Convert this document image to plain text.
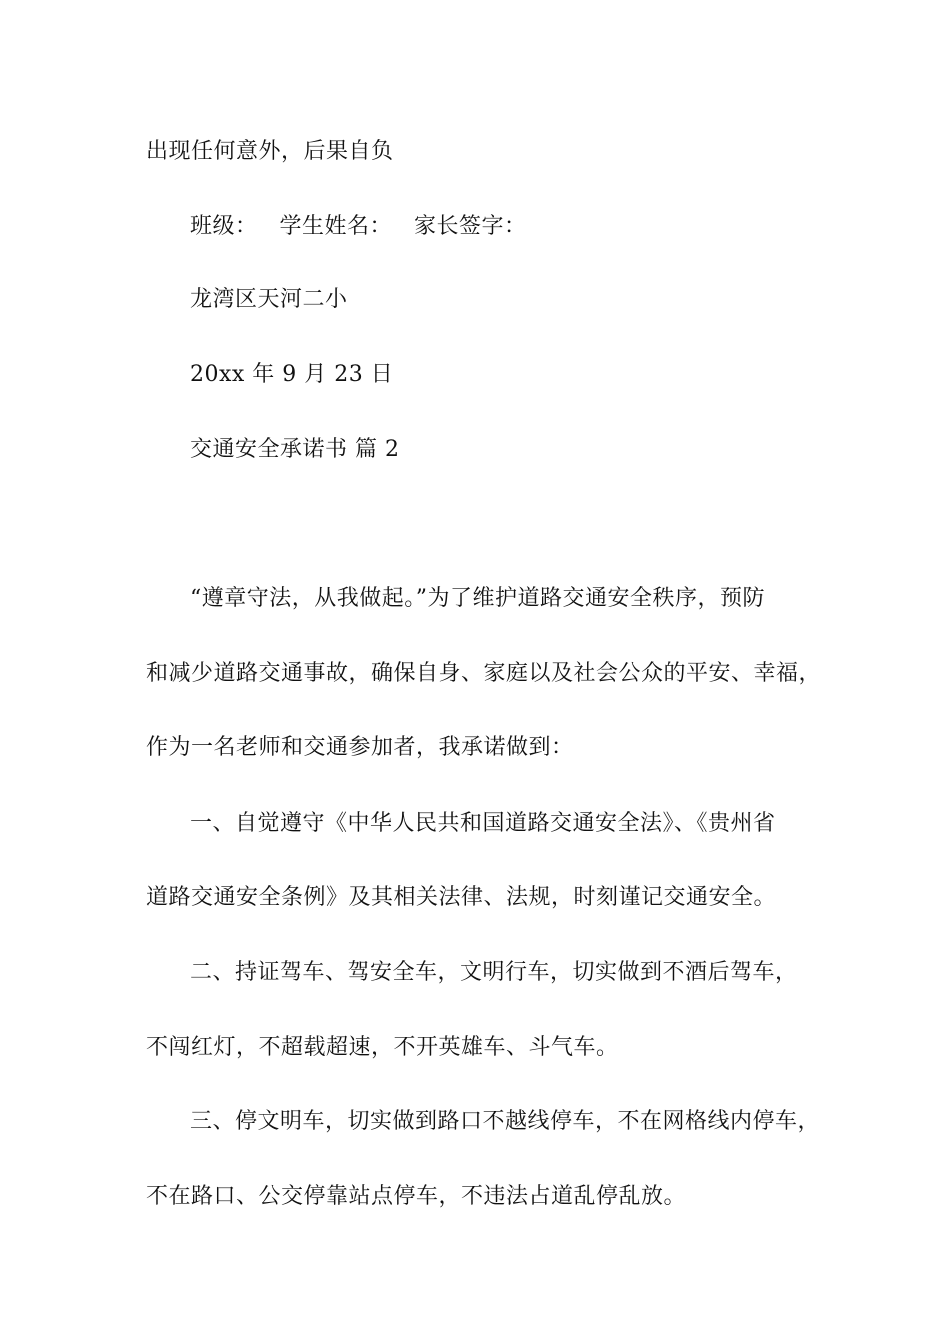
出现任何意外，后果自负
班级： 学生姓名： 家长签字：
龙湾区天河二小
20xx 年 9 月 23 日
交通安全承诺书 篇 2
“遵章守法，从我做起。”为了维护道路交通安全秩序，预防
和减少道路交通事故，确保自身、家庭以及社会公众的平安、幸福，
作为一名老师和交通参加者，我承诺做到：
一、自觉遵守《中华人民共和国道路交通安全法》、《贵州省
道路交通安全条例》及其相关法律、法规，时刻谨记交通安全。
二、持证驾车、驾安全车，文明行车，切实做到不酒后驾车，
不闯红灯，不超载超速，不开英雄车、斗气车。
三、停文明车，切实做到路口不越线停车，不在网格线内停车，
不在路口、公交停靠站点停车，不违法占道乱停乱放。
